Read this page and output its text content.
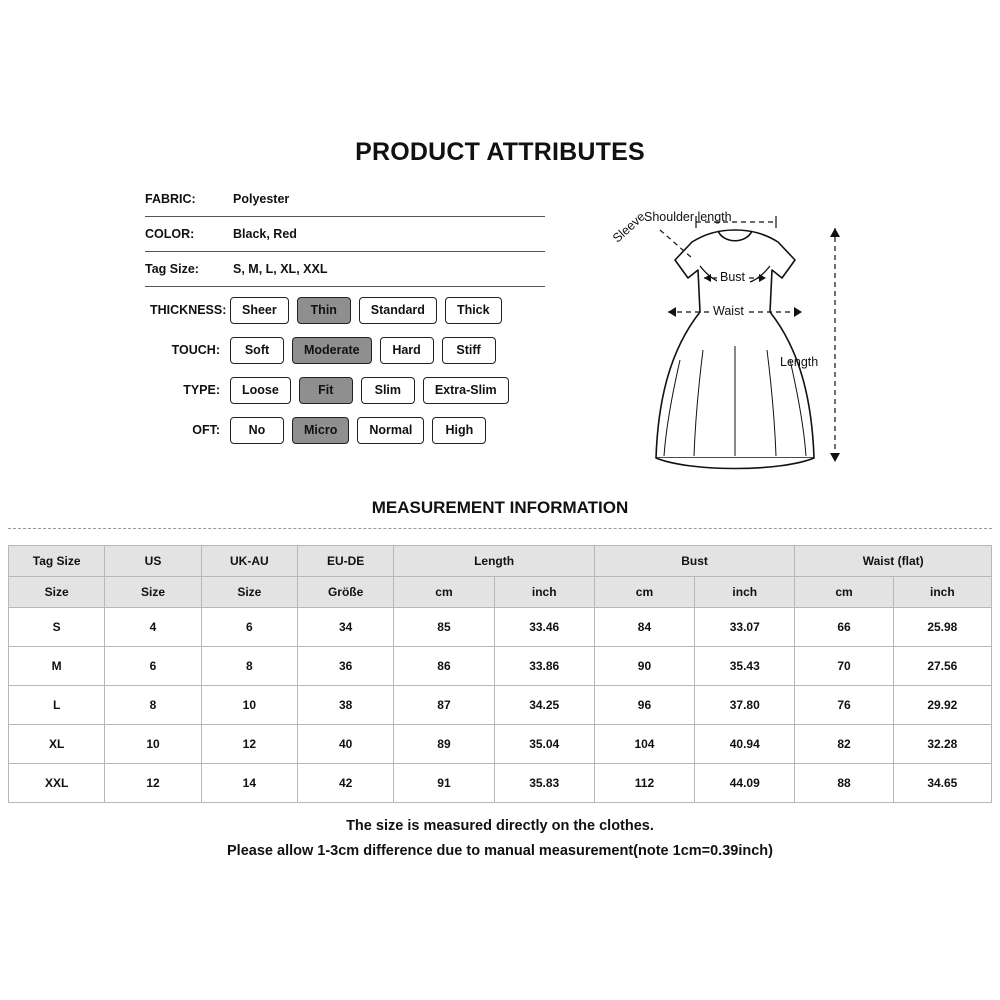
PRODUCT ATTRIBUTES
FABRIC:	Polyester
COLOR:	Black, Red
Tag Size:	S, M, L, XL, XXL
THICKNESS:	Sheer	Thin	Standard	Thick
TOUCH:	Soft	Moderate	Hard	Stiff
TYPE:	Loose	Fit	Slim	Extra-Slim
OFT:	No	Micro	Normal	High
Shoulder length
Sleeve
Bust
Waist
Length
MEASUREMENT INFORMATION
Tag Size	US	UK-AU	EU-DE	Length		Bust		Waist (flat)	
Size	Size	Size	Größe	cm	inch	cm	inch	cm	inch
S	4	6	34	85	33.46	84	33.07	66	25.98
M	6	8	36	86	33.86	90	35.43	70	27.56
L	8	10	38	87	34.25	96	37.80	76	29.92
XL	10	12	40	89	35.04	104	40.94	82	32.28
XXL	12	14	42	91	35.83	112	44.09	88	34.65
The size is measured directly on the clothes.
Please allow 1-3cm difference due to manual measurement(note 1cm=0.39inch)
